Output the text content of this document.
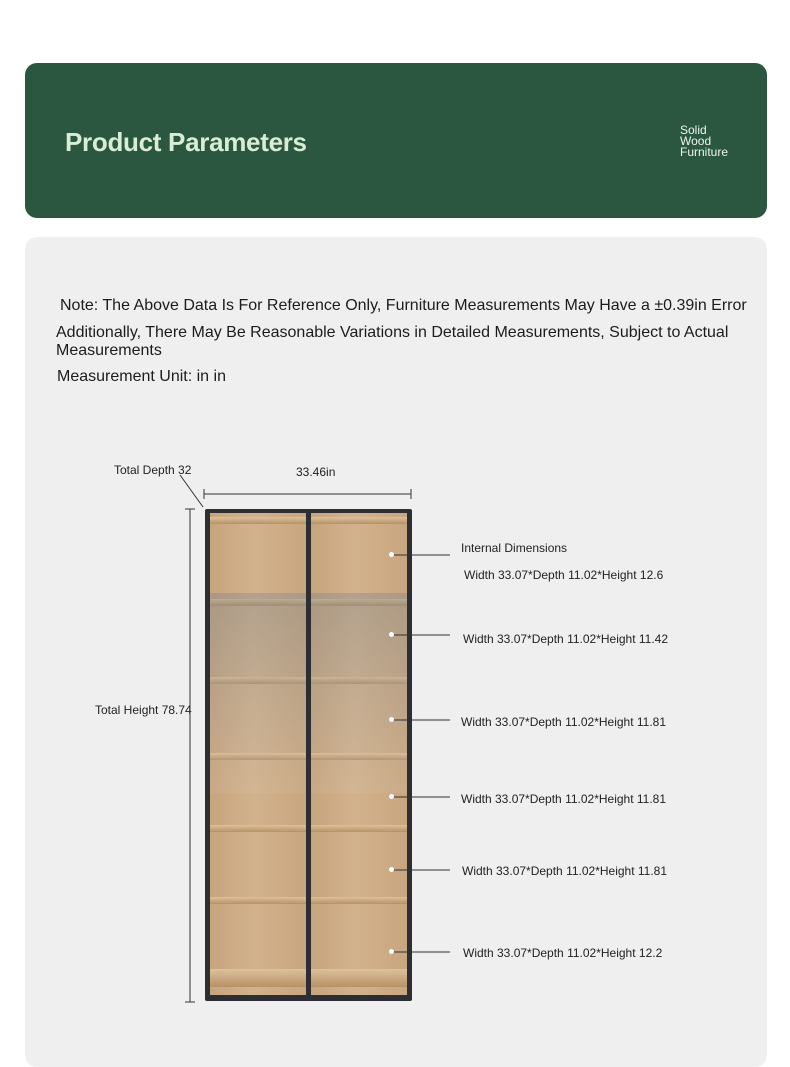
Product Parameters	Solid
Wood
Furniture
Note: The Above Data Is For Reference Only, Furniture Measurements May Have a ±0.39in Error
Additionally, There May Be Reasonable Variations in Detailed Measurements, Subject to Actual Measurements
Measurement Unit: in in
Total Depth 32	33.46in
Total Height 78.74
Internal Dimensions
Width 33.07*Depth 11.02*Height 12.6
Width 33.07*Depth 11.02*Height 11.42
Width 33.07*Depth 11.02*Height 11.81
Width 33.07*Depth 11.02*Height 11.81
Width 33.07*Depth 11.02*Height 11.81
Width 33.07*Depth 11.02*Height 12.2
